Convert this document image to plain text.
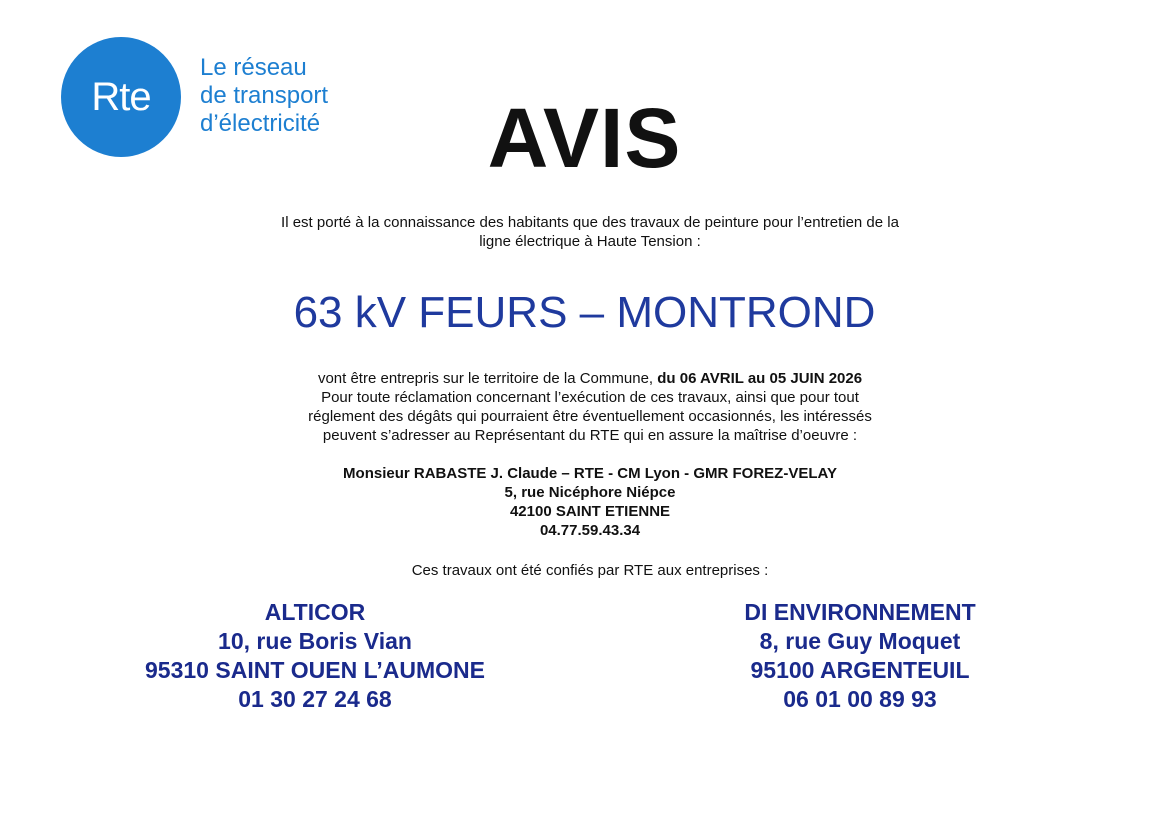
Rte
Le réseau
de transport
d’électricité	AVIS
Il est porté à la connaissance des habitants que des travaux de peinture pour l’entretien de la
ligne électrique à Haute Tension :
63 kV FEURS – MONTROND
vont être entrepris sur le territoire de la Commune, du 06 AVRIL au 05 JUIN 2026
Pour toute réclamation concernant l’exécution de ces travaux, ainsi que pour tout
réglement des dégâts qui pourraient être éventuellement occasionnés, les intéressés
peuvent s’adresser au Représentant du RTE qui en assure la maîtrise d’oeuvre :
Monsieur RABASTE J. Claude – RTE - CM Lyon - GMR FOREZ-VELAY
5, rue Nicéphore Niépce
42100 SAINT ETIENNE
04.77.59.43.34
Ces travaux ont été confiés par RTE aux entreprises :
ALTICOR
10, rue Boris Vian
95310 SAINT OUEN L’AUMONE
01 30 27 24 68
DI ENVIRONNEMENT
8, rue Guy Moquet
95100 ARGENTEUIL
06 01 00 89 93
